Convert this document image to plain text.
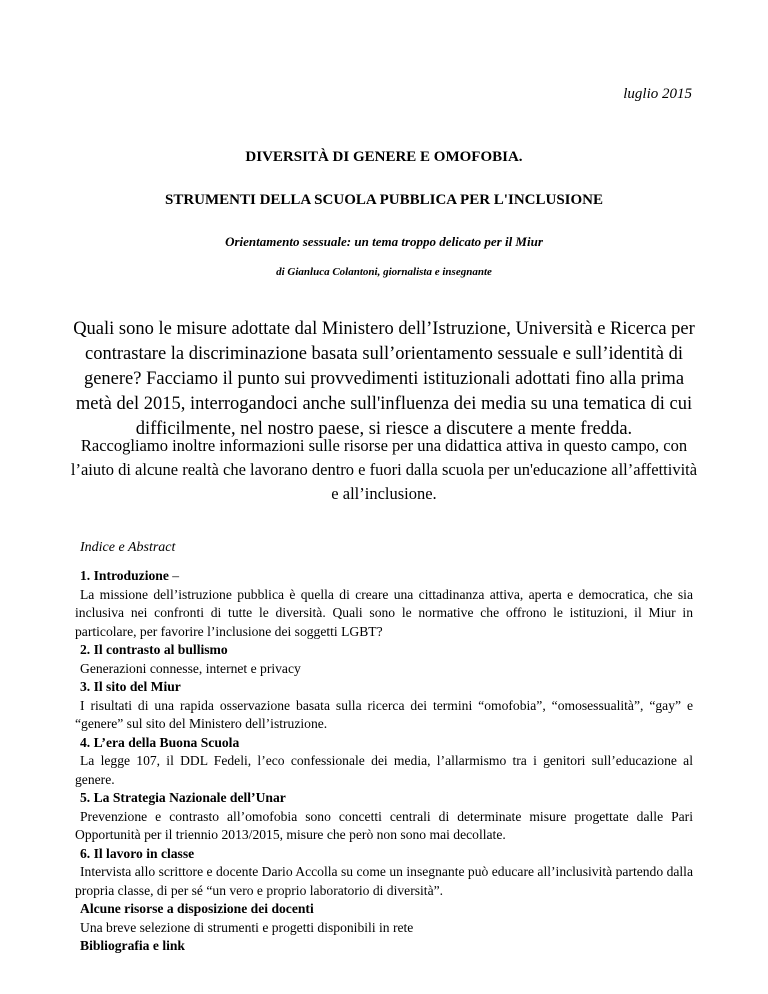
luglio 2015
DIVERSITÀ DI GENERE E OMOFOBIA.
STRUMENTI DELLA SCUOLA PUBBLICA PER L'INCLUSIONE
Orientamento sessuale: un tema troppo delicato per il Miur
di Gianluca Colantoni, giornalista e insegnante
Quali sono le misure adottate dal Ministero dell’Istruzione, Università e Ricerca per contrastare la discriminazione basata sull’orientamento sessuale e sull’identità di genere? Facciamo il punto sui provvedimenti istituzionali adottati fino alla prima metà del 2015, interrogandoci anche sull'influenza dei media su una tematica di cui difficilmente, nel nostro paese, si riesce a discutere a mente fredda.
Raccogliamo inoltre informazioni sulle risorse per una didattica attiva in questo campo, con l’aiuto di alcune realtà che lavorano dentro e fuori dalla scuola per un'educazione all’affettività e all’inclusione.
Indice e Abstract
1. Introduzione –
La missione dell’istruzione pubblica è quella di creare una cittadinanza attiva, aperta e democratica, che sia inclusiva nei confronti di tutte le diversità. Quali sono le normative che offrono le istituzioni, il Miur in particolare, per favorire l’inclusione dei soggetti LGBT?
2. Il contrasto al bullismo
Generazioni connesse, internet e privacy
3. Il sito del Miur
I risultati di una rapida osservazione basata sulla ricerca dei termini “omofobia”, “omosessualità”, “gay” e “genere” sul sito del Ministero dell’istruzione.
4. L’era della Buona Scuola
La legge 107, il DDL Fedeli, l’eco confessionale dei media, l’allarmismo tra i genitori sull’educazione al genere.
5. La Strategia Nazionale dell’Unar
Prevenzione e contrasto all’omofobia sono concetti centrali di determinate misure progettate dalle Pari Opportunità per il triennio 2013/2015, misure che però non sono mai decollate.
6. Il lavoro in classe
Intervista allo scrittore e docente Dario Accolla su come un insegnante può educare all’inclusività partendo dalla propria classe, di per sé “un vero e proprio laboratorio di diversità”.
Alcune risorse a disposizione dei docenti
Una breve selezione di strumenti e progetti disponibili in rete
Bibliografia e link
